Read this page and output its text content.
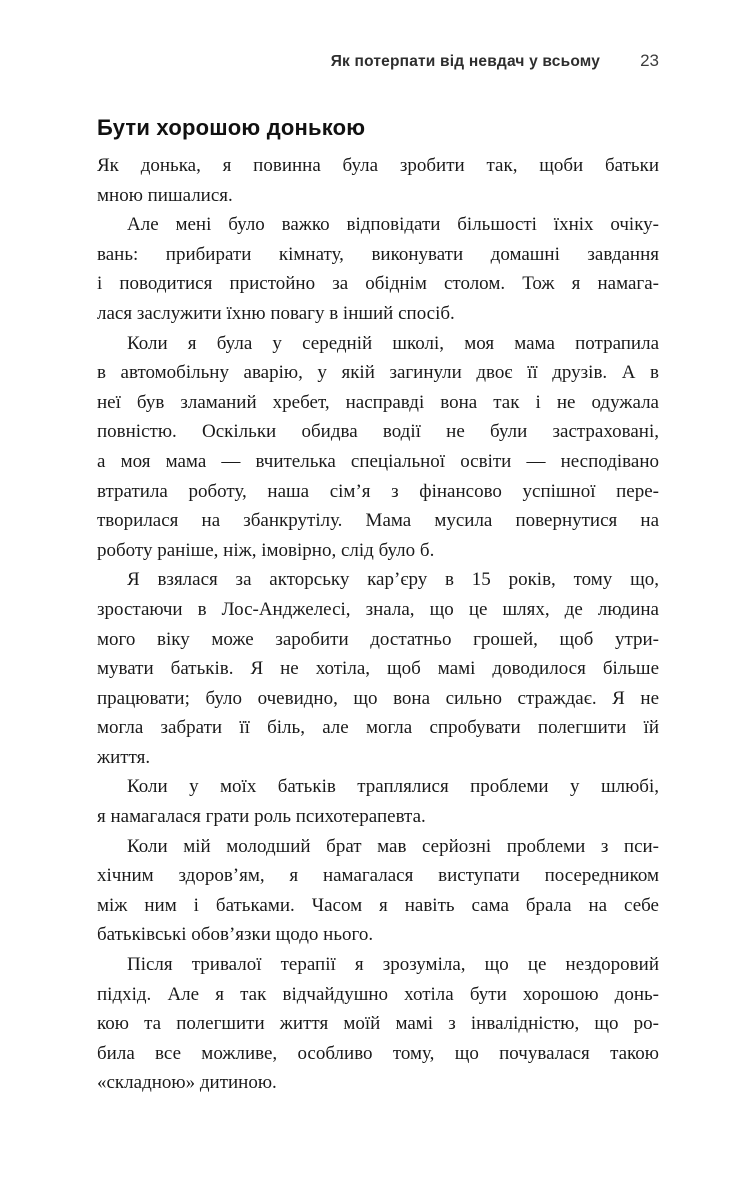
Як потерпати від невдач у всьому 23
Бути хорошою донькою
Як донька, я повинна була зробити так, щоби батьки
мною пишалися.
Але мені було важко відповідати більшості їхніх очіку-
вань: прибирати кімнату, виконувати домашні завдання
і поводитися пристойно за обіднім столом. Тож я намага-
лася заслужити їхню повагу в інший спосіб.
Коли я була у середній школі, моя мама потрапила
в автомобільну аварію, у якій загинули двоє її друзів. А в
неї був зламаний хребет, насправді вона так і не одужала
повністю. Оскільки обидва водії не були застраховані,
а моя мама — вчителька спеціальної освіти — несподівано
втратила роботу, наша сім’я з фінансово успішної пере-
творилася на збанкрутілу. Мама мусила повернутися на
роботу раніше, ніж, імовірно, слід було б.
Я взялася за акторську кар’єру в 15 років, тому що,
зростаючи в Лос-Анджелесі, знала, що це шлях, де людина
мого віку може заробити достатньо грошей, щоб утри-
мувати батьків. Я не хотіла, щоб мамі доводилося більше
працювати; було очевидно, що вона сильно страждає. Я не
могла забрати її біль, але могла спробувати полегшити їй
життя.
Коли у моїх батьків траплялися проблеми у шлюбі,
я намагалася грати роль психотерапевта.
Коли мій молодший брат мав серйозні проблеми з пси-
хічним здоров’ям, я намагалася виступати посередником
між ним і батьками. Часом я навіть сама брала на себе
батьківські обов’язки щодо нього.
Після тривалої терапії я зрозуміла, що це нездоровий
підхід. Але я так відчайдушно хотіла бути хорошою донь-
кою та полегшити життя моїй мамі з інвалідністю, що ро-
била все можливе, особливо тому, що почувалася такою
«складною» дитиною.
